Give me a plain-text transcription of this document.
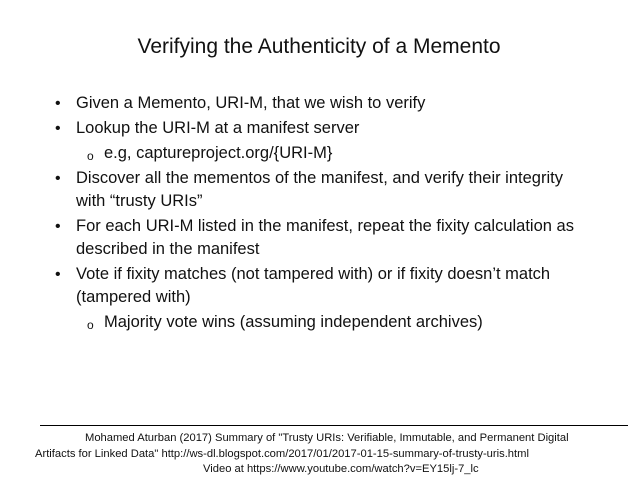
Verifying the Authenticity of a Memento
• Given a Memento, URI-M, that we wish to verify
• Lookup the URI-M at a manifest server
o e.g, captureproject.org/{URI-M}
• Discover all the mementos of the manifest, and verify their integrity with “trusty URIs”
• For each URI-M listed in the manifest, repeat the fixity calculation as described in the manifest
• Vote if fixity matches (not tampered with) or if fixity doesn’t match (tampered with)
o Majority vote wins (assuming independent archives)
Mohamed Aturban (2017) Summary of "Trusty URIs: Verifiable, Immutable, and Permanent Digital
Artifacts for Linked Data" http://ws-dl.blogspot.com/2017/01/2017-01-15-summary-of-trusty-uris.html
Video at https://www.youtube.com/watch?v=EY15lj-7_lc
